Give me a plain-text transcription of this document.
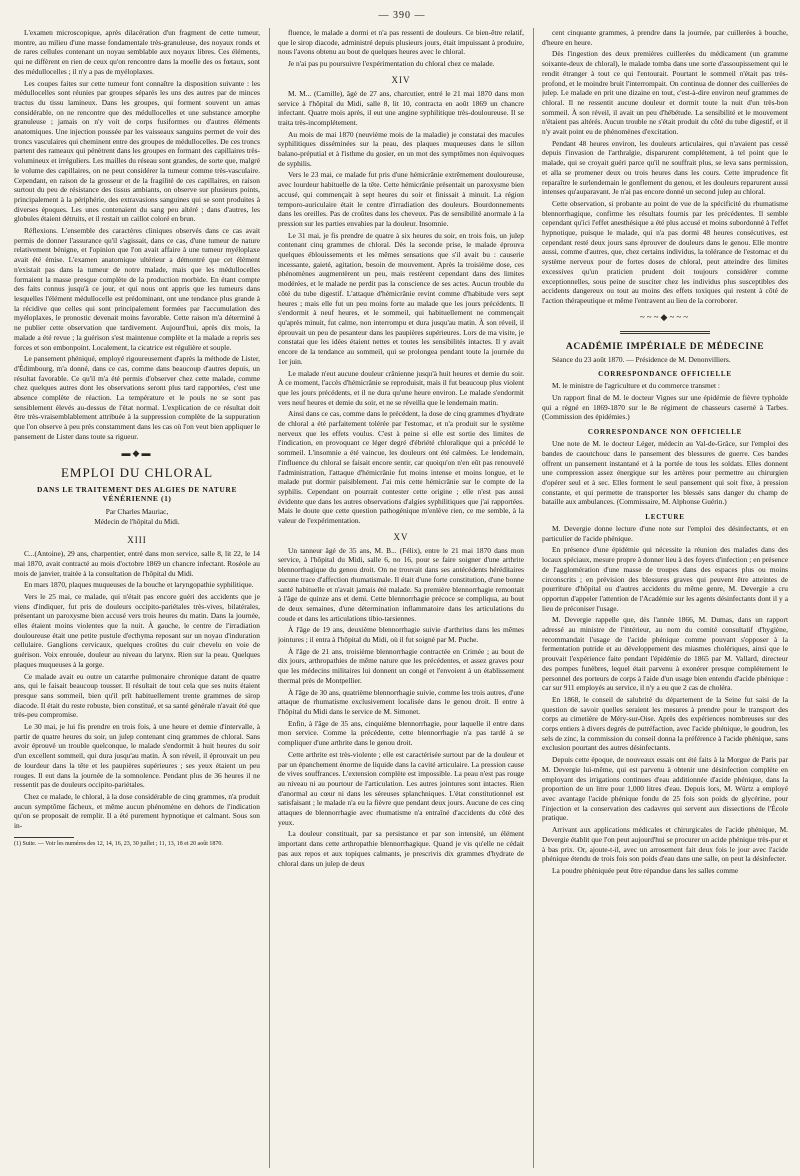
— 390 —

L'examen microscopique, après dilacération d'un fragment de cette tumeur, montre, au milieu d'une masse fondamentale très-granuleuse, des noyaux ronds et de rares cellules contenant un noyau semblable aux noyaux libres. Ces éléments, qui ne diffèrent en rien de ceux qu'on rencontre dans la moelle des os fœtaux, sont des médullocelles ; il n'y a pas de myéloplaxes.

Les coupes faites sur cette tumeur font connaître la disposition suivante : les médullocelles sont réunies par groupes séparés les uns des autres par de minces tractus du tissu lamineux. Dans les groupes, qui forment souvent un amas considérable, on ne rencontre que des médullocelles et une substance amorphe granuleuse ; jamais on n'y voit de corps fusiformes ou d'autres éléments anatomiques. Une injection poussée par les vaisseaux sanguins permet de voir des troncs vasculaires qui cheminent entre des groupes de médullocelles. De ces troncs partent des rameaux qui pénètrent dans les groupes en formant des capillaires très-volumineux et irréguliers. Les mailles du réseau sont grandes, de sorte que, malgré le volume des capillaires, on ne peut considérer la tumeur comme très-vasculaire. Cependant, en raison de la grosseur et de la fragilité de ces capillaires, en raison surtout du peu de résistance des tissus ambiants, on observe sur plusieurs points, principalement à la périphérie, des extravasions sanguines qui se sont produites à diverses époques. Les unes contenaient du sang peu altéré ; dans d'autres, les globules étaient détruits, et il restait un caillot coloré en brun.

Réflexions. L'ensemble des caractères cliniques observés dans ce cas avait permis de donner l'assurance qu'il s'agissait, dans ce cas, d'une tumeur de nature relativement bénigne, et l'opinion que l'on avait affaire à une tumeur myéloplaxe avait été émise. L'examen anatomique ultérieur a démontré que cet élément n'existait pas dans la tumeur de notre malade, mais que les médullocelles formaient la masse presque complète de la production morbide. En étant compte des faits connus jusqu'à ce jour, et qui nous ont appris que les tumeurs dans lesquelles l'élément médullocelle est prédominant, ont une tendance plus grande à la récidive que celles qui sont principalement formées par l'accumulation des myéloplaxes, le pronostic devenait moins favorable. Cette raison m'a déterminé à ne publier cette observation que tardivement. Aujourd'hui, après dix mois, la malade a été revue ; la guérison s'est maintenue complète et la malade a repris ses forces et son embonpoint. Localement, la cicatrice est régulière et souple.

Le pansement phéniqué, employé rigoureusement d'après la méthode de Lister, d'Édimbourg, m'a donné, dans ce cas, comme dans beaucoup d'autres depuis, un résultat favorable. Ce qu'il m'a été permis d'observer chez cette malade, comme chez quelques autres dont les observations seront plus tard rapportées, c'est une absence complète de réaction. La température et le pouls ne se sont pas sensiblement élevés au-dessus de l'état normal. L'explication de ce résultat doit être très-vraisemblablement attribuée à la suppression complète de la suppuration que l'on observe à peu près constamment dans les cas où l'on veut bien appliquer le pansement de Lister dans toute sa rigueur.

▬◆▬
EMPLOI DU CHLORAL
DANS LE TRAITEMENT DES ALGIES DE NATURE VÉNÉRIENNE (1)
Par Charles Mauriac,
Médecin de l'hôpital du Midi.
XIII

C...(Antoine), 29 ans, charpentier, entré dans mon service, salle 8, lit 22, le 14 mai 1870, avait contracté au mois d'octobre 1869 un chancre infectant. Roséole au mois de janvier, traitée à la consultation de l'hôpital du Midi.

En mars 1870, plaques muqueuses de la bouche et laryngopathie syphilitique.

Vers le 25 mai, ce malade, qui n'était pas encore guéri des accidents que je viens d'indiquer, fut pris de douleurs occipito-pariétales très-vives, bilatérales, présentant un paroxysme bien accusé vers trois heures du matin. Dans la journée, elles étaient moins violentes que la nuit. À gauche, le centre de l'irradiation douloureuse était une petite pustule d'ecthyma reposant sur un noyau d'induration cellulaire. Ganglions cervicaux, quelques croûtes du cuir chevelu en voie de guérison. Voix enrouée, douleur au niveau du larynx. Rien sur la peau. Quelques plaques muqueuses à la gorge.

Ce malade avait eu outre un catarrhe pulmonaire chronique datant de quatre ans, qui le faisait beaucoup tousser. Il résultait de tout cela que ses nuits étaient presque sans sommeil, bien qu'il prît habituellement trente grammes de sirop diacode. Il était du reste robuste, bien constitué, et sa santé générale n'avait été que très-peu compromise.

Le 30 mai, je lui fis prendre en trois fois, à une heure et demie d'intervalle, à partir de quatre heures du soir, un julep contenant cinq grammes de chloral. Sans avoir éprouvé un trouble quelconque, le malade s'endormit à huit heures du soir d'un excellent sommeil, qui dura jusqu'au matin. À son réveil, il éprouvait un peu de lourdeur dans la tête et les paupières supérieures ; ses yeux étaient un peu rouges. Il eut dans la journée de la somnolence. Pendant plus de 36 heures il ne ressentit pas de douleurs occipito-pariétales.

Chez ce malade, le chloral, à la dose considérable de cinq grammes, n'a produit aucun symptôme fâcheux, et même aucun phénomène en dehors de l'indication qu'on se proposait de remplir. Il a été purement hypnotique et calmant. Sous son in-

(1) Suite. — Voir les numéros des 12, 14, 16, 23, 30 juillet ; 11, 13, 18 et 20 août 1870.

fluence, le malade a dormi et n'a pas ressenti de douleurs. Ce bien-être relatif, que le sirop diacode, administré depuis plusieurs jours, était impuissant à produire, nous l'avons obtenu au bout de quelques heures avec le chloral.

Je n'ai pas pu poursuivre l'expérimentation du chloral chez ce malade.

XIV

M. M... (Camille), âgé de 27 ans, charcutier, entré le 21 mai 1870 dans mon service à l'hôpital du Midi, salle 8, lit 10, contracta en août 1869 un chancre infectant. Quatre mois après, il eut une angine syphilitique très-douloureuse. Il se traita très-incomplétement.

Au mois de mai 1870 (neuvième mois de la maladie) je constatai des macules syphilitiques disséminées sur la peau, des plaques muqueuses dans le sillon balano-préputial et à l'isthme du gosier, en un mot des symptômes non équivoques de syphilis.

Vers le 23 mai, ce malade fut pris d'une hémicrânie extrêmement douloureuse, avec lourdeur habituelle de la tête. Cette hémicrânie présentait un paroxysme bien accusé, qui commençait à sept heures du soir et finissait à minuit. La région temporo-auriculaire était le centre d'irradiation des douleurs. Bourdonnements dans les oreilles. Pas de croûtes dans les cheveux. Pas de sensibilité anormale à la pression sur les parties envahies par la douleur. Insomnie.

Le 31 mai, je fis prendre de quatre à six heures du soir, en trois fois, un julep contenant cinq grammes de chloral. Dès la seconde prise, le malade éprouva quelques éblouissements et les mêmes sensations que s'il avait bu : causerie incessante, gaieté, agitation, besoin de mouvement. Après la troisième dose, ces phénomènes augmentèrent un peu, mais restèrent cependant dans des limites modérées, et le malade ne perdit pas la conscience de ses actes. Aucun trouble du côté du tube digestif. L'attaque d'hémicrânie revint comme d'habitude vers sept heures ; mais elle fut un peu moins forte au malade que les jours précédents. Il s'endormit à neuf heures, et le sommeil, qui habituellement ne commençait qu'après minuit, fut calme, non interrompu et dura jusqu'au matin. À son réveil, il éprouvait un peu de pesanteur dans les paupières supérieures. Lors de ma visite, je constatai que les idées étaient nettes et toutes les sensibilités intactes. Il y avait encore de la tendance au sommeil, qui se prolongea pendant toute la journée du 1er juin.

Le malade n'eut aucune douleur crânienne jusqu'à huit heures et demie du soir. À ce moment, l'accès d'hémicrânie se reproduisit, mais il fut beaucoup plus violent que les jours précédents, et il ne dura qu'une heure environ. Le malade s'endormit vers neuf heures et demie du soir, et ne se réveilla que le lendemain matin.

Ainsi dans ce cas, comme dans le précédent, la dose de cinq grammes d'hydrate de chloral a été parfaitement tolérée par l'estomac, et n'a produit sur le système nerveux que les effets voulus. C'est à peine si elle est sortie des limites de l'indication, en provoquant ce léger degré d'ébriété chloralique qui a précédé le sommeil. L'insomnie a été vaincue, les douleurs ont été calmées. Le lendemain, l'influence du chloral se faisait encore sentir, car quoiqu'on n'en eût pas renouvelé l'administration, l'attaque d'hémicrânie fut moins intense et moins longue, et le malade put dormir paisiblement. J'ai mis cette hémicrânie sur le compte de la syphilis. Cependant on pourrait contester cette origine ; elle n'est pas aussi évidente que dans les autres observations d'algies syphilitiques que j'ai rapportées. Mais le doute que cette question pathogénique m'enlève rien, ce me semble, à la valeur de l'expérimentation.

XV

Un tanneur âgé de 35 ans, M. B... (Félix), entre le 21 mai 1870 dans mon service, à l'hôpital du Midi, salle 6, no 16, pour se faire soigner d'une arthrite blennorrhagique du genou droit. On ne trouvait dans ses antécédents héréditaires aucune trace d'affection rhumatismale. Il était d'une forte constitution, d'une bonne santé habituelle et n'avait jamais été malade. Sa première blennorrhagie remontait à l'âge de quinze ans et demi. Cette blennorrhagie précoce se compliqua, au bout de deux semaines, d'une détermination inflammatoire dans les articulations du coude et dans les articulations tibio-tarsiennes.

À l'âge de 19 ans, deuxième blennorrhagie suivie d'arthrites dans les mêmes jointures ; il entra à l'hôpital du Midi, où il fut soigné par M. Puche.

À l'âge de 21 ans, troisième blennorrhagie contractée en Crimée ; au bout de dix jours, arthropathies de même nature que les précédentes, et assez graves pour que les médecins militaires lui donnent un congé et l'envoient à un établissement thermal près de Montpellier.

À l'âge de 30 ans, quatrième blennorrhagie suivie, comme les trois autres, d'une attaque de rhumatisme exclusivement localisée dans le genou droit. Il entre à l'hôpital du Midi dans le service de M. Simonet.

Enfin, à l'âge de 35 ans, cinquième blennorrhagie, pour laquelle il entre dans mon service. Comme la précédente, cette blennorrhagie n'a pas tardé à se compliquer d'une arthrite dans le genou droit.

Cette arthrite est très-violente ; elle est caractérisée surtout par de la douleur et par un épanchement énorme de liquide dans la cavité articulaire. La pression cause de vives souffrances. L'extension complète est impossible. La peau n'est pas rouge au niveau ni au pourtour de l'articulation. Les autres jointures sont intactes. Rien d'anormal au cœur ni dans les séreuses splanchniques. L'état constitutionnel est satisfaisant ; le malade n'a eu la fièvre que pendant deux jours. Aucune de ces cinq attaques de blennorrhagie avec rhumatisme n'a entraîné d'accidents du côté des yeux.

La douleur constituait, par sa persistance et par son intensité, un élément important dans cette arthropathie blennorrhagique. Quand je vis qu'elle ne cédait pas aux repos et aux topiques calmants, je prescrivis dix grammes d'hydrate de chloral dans un julep de deux

cent cinquante grammes, à prendre dans la journée, par cuillerées à bouche, d'heure en heure.

Dès l'ingestion des deux premières cuillerées du médicament (un gramme soixante-deux de chloral), le malade tomba dans une sorte d'assoupissement qui le rendit étranger à tout ce qui l'entourait. Pourtant le sommeil n'était pas très-profond, et le moindre bruit l'interrompait. On continua de donner des cuillerées de julep. Le malade en prit une dizaine en tout, c'est-à-dire environ neuf grammes de chloral. Il ne ressentit aucune douleur et dormit toute la nuit d'un très-bon sommeil. À son réveil, il avait un peu d'hébétude. La sensibilité et le mouvement n'étaient pas altérés. Aucun trouble ne s'était produit du côté du tube digestif, et il n'y avait point eu de phénomènes d'excitation.

Pendant 48 heures environ, les douleurs articulaires, qui n'avaient pas cessé depuis l'invasion de l'arthralgie, disparurent complétement, à tel point que le malade, qui se croyait guéri parce qu'il ne souffrait plus, se leva sans permission, et alla se promener deux ou trois heures dans les cours. Cette imprudence fit reparaître le surlendemain le gonflement du genou, et les douleurs reparurent aussi intenses qu'auparavant. Je n'ai pas encore donné un second julep au chloral.

Cette observation, si probante au point de vue de la spécificité du rhumatisme blennorrhagique, confirme les résultats fournis par les précédentes. Il semble cependant qu'ici l'effet anesthésique a été plus accusé et moins subordonné à l'effet hypnotique, puisque le malade, qui n'a pas dormi 48 heures consécutives, est cependant resté deux jours sans éprouver de douleurs dans le genou. Elle montre aussi, comme d'autres, que, chez certains individus, la tolérance de l'estomac et du système nerveux pour de fortes doses de chloral, peut atteindre des limites excessives qu'un praticien prudent doit toujours considérer comme exceptionnelles, sous peine de susciter chez les individus plus susceptibles des accidents dangereux ou tout au moins des effets toxiques qui restent à côté de l'action thérapeutique et même l'entravent au lieu de la corroborer.

~~~◆~~~
ACADÉMIE IMPÉRIALE DE MÉDECINE
Séance du 23 août 1870. — Présidence de M. Denonvilliers.
CORRESPONDANCE OFFICIELLE

M. le ministre de l'agriculture et du commerce transmet :

Un rapport final de M. le docteur Vignes sur une épidémie de fièvre typhoïde qui a régné en 1869-1870 sur le 8e régiment de chasseurs caserné à Tarbes. (Commission des épidémies.)

CORRESPONDANCE NON OFFICIELLE

Une note de M. le docteur Léger, médecin au Val-de-Grâce, sur l'emploi des bandes de caoutchouc dans le pansement des blessures de guerre. Ces bandes offrent un pansement instantané et à la portée de tous les soldats. Elles donnent une compression assez énergique sur les artères pour permettre au chirurgien d'opérer seul et à sec. Elles forment le seul pansement qui soit fixe, à pression constante, et qui permette de transporter les blessés sans danger du champ de bataille aux ambulances. (Commissaire, M. Alphonse Guérin.)

LECTURE

M. Devergie donne lecture d'une note sur l'emploi des désinfectants, et en particulier de l'acide phénique.

En présence d'une épidémie qui nécessite la réunion des malades dans des locaux spéciaux, mesure propre à donner lieu à des foyers d'infection ; en présence de l'agglomération d'une masse de troupes dans des espaces plus ou moins circonscrits ; en prévision des blessures graves qui peuvent être atteintes de pourriture d'hôpital ou d'autres accidents du même genre, M. Devergie a cru opportun d'appeler l'attention de l'Académie sur les agents désinfectants dont il y a lieu de préconiser l'usage.

M. Devergie rappelle que, dès l'année 1866, M. Dumas, dans un rapport adressé au ministre de l'intérieur, au nom du comité consultatif d'hygiène, recommandait l'usage de l'acide phénique comme pouvant s'opposer à la fermentation putride et au développement des miasmes cholériques, ainsi que le prouvait l'expérience faite pendant l'épidémie de 1865 par M. Vallard, directeur des pompes funèbres, lequel était parvenu à exonérer presque complétement le personnel des porteurs de corps à l'aide d'un usage bien entendu d'acide phénique : car sur 911 employés au service, il n'y a eu que 2 cas de choléra.

En 1868, le conseil de salubrité du département de la Seine fut saisi de la question de savoir quelles seraient les mesures à prendre pour le transport des corps au cimetière de Méry-sur-Oise. Après des expériences nombreuses sur des corps entiers à divers degrés de putréfaction, avec l'acide phénique, le goudron, les sels de zinc, la commission du conseil donna la préférence à l'acide phénique, sans exclusion pourtant des autres désinfectants.

Depuis cette époque, de nouveaux essais ont été faits à la Morgue de Paris par M. Devergie lui-même, qui est parvenu à obtenir une désinfection complète en employant des irrigations continues d'eau additionnée d'acide phénique, dans la proportion de un litre pour 1,000 litres d'eau. Depuis lors, M. Würtz a employé avec avantage l'acide phénique fondu de 25 fois son poids de glycérine, pour l'injection et la conservation des cadavres qui servent aux dissections de l'École pratique.

Arrivant aux applications médicales et chirurgicales de l'acide phénique, M. Devergie établit que l'on peut aujourd'hui se procurer un acide phénique très-pur et à bas prix. Or, ajoute-t-il, avec un arrosement fait deux fois le jour avec l'acide phénique étendu de trois fois son poids d'eau dans une salle, on peut la désinfecter.

La poudre phéniquée peut être répandue dans les salles comme
